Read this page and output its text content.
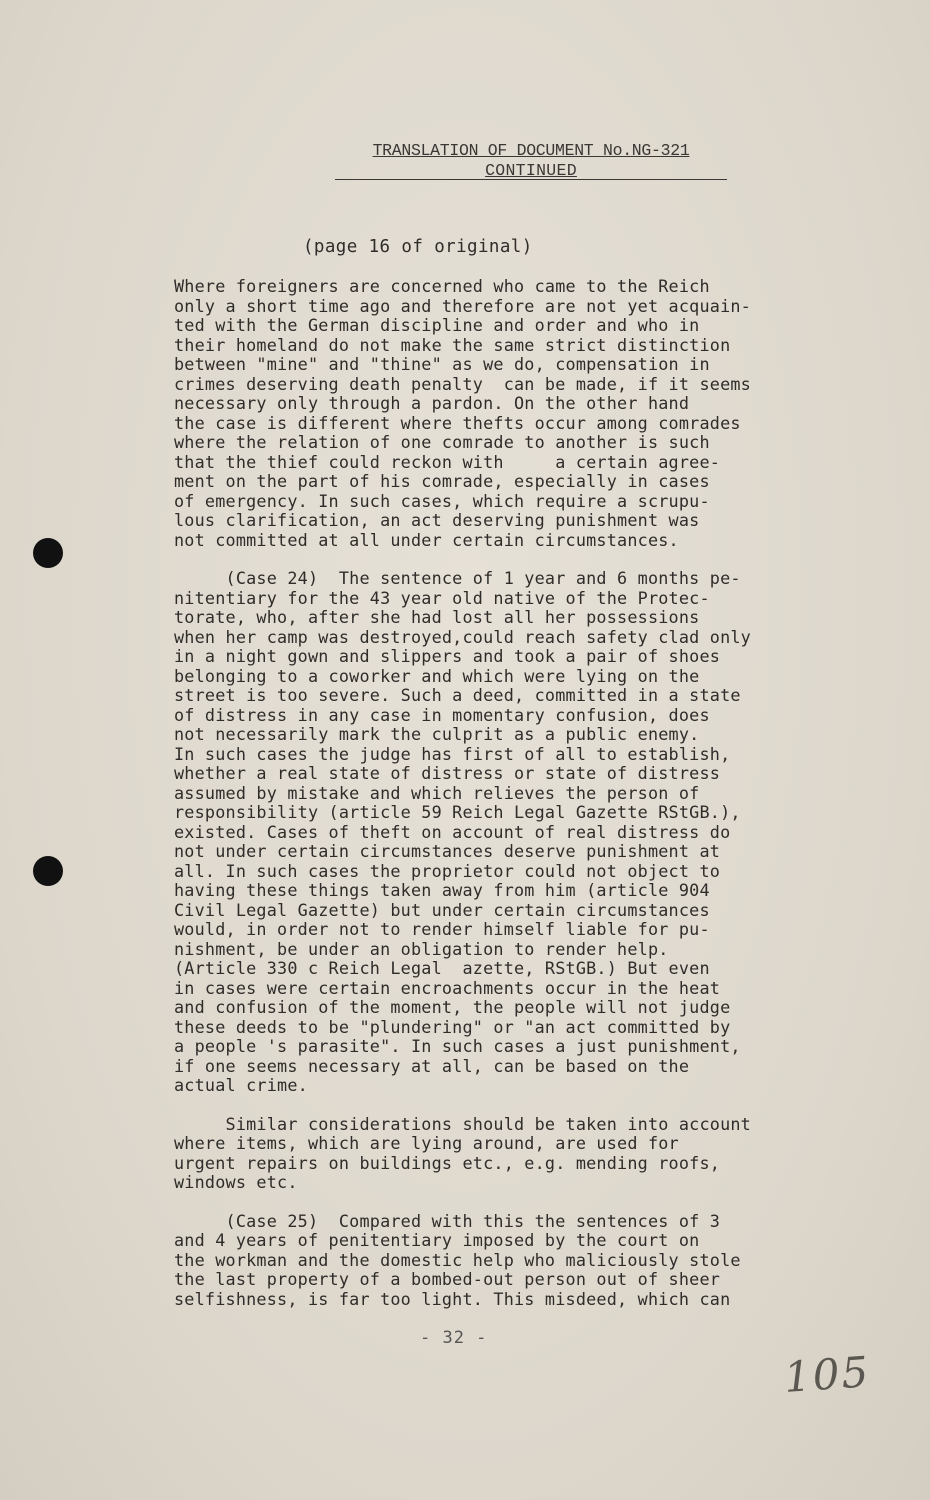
TRANSLATION OF DOCUMENT No.NG-321
CONTINUED
(page 16 of original)
Where foreigners are concerned who came to the Reich
only a short time ago and therefore are not yet acquain-
ted with the German discipline and order and who in
their homeland do not make the same strict distinction
between "mine" and "thine" as we do, compensation in
crimes deserving death penalty  can be made, if it seems
necessary only through a pardon. On the other hand
the case is different where thefts occur among comrades
where the relation of one comrade to another is such
that the thief could reckon with     a certain agree-
ment on the part of his comrade, especially in cases
of emergency. In such cases, which require a scrupu-
lous clarification, an act deserving punishment was
not committed at all under certain circumstances.
(Case 24)  The sentence of 1 year and 6 months pe-
nitentiary for the 43 year old native of the Protec-
torate, who, after she had lost all her possessions
when her camp was destroyed,could reach safety clad only
in a night gown and slippers and took a pair of shoes
belonging to a coworker and which were lying on the
street is too severe. Such a deed, committed in a state
of distress in any case in momentary confusion, does
not necessarily mark the culprit as a public enemy.
In such cases the judge has first of all to establish,
whether a real state of distress or state of distress
assumed by mistake and which relieves the person of
responsibility (article 59 Reich Legal Gazette RStGB.),
existed. Cases of theft on account of real distress do
not under certain circumstances deserve punishment at
all. In such cases the proprietor could not object to
having these things taken away from him (article 904
Civil Legal Gazette) but under certain circumstances
would, in order not to render himself liable for pu-
nishment, be under an obligation to render help.
(Article 330 c Reich Legal  azette, RStGB.) But even
in cases were certain encroachments occur in the heat
and confusion of the moment, the people will not judge
these deeds to be "plundering" or "an act committed by
a people 's parasite". In such cases a just punishment,
if one seems necessary at all, can be based on the
actual crime.
Similar considerations should be taken into account
where items, which are lying around, are used for
urgent repairs on buildings etc., e.g. mending roofs,
windows etc.
(Case 25)  Compared with this the sentences of 3
and 4 years of penitentiary imposed by the court on
the workman and the domestic help who maliciously stole
the last property of a bombed-out person out of sheer
selfishness, is far too light. This misdeed, which can
- 32 -
105
